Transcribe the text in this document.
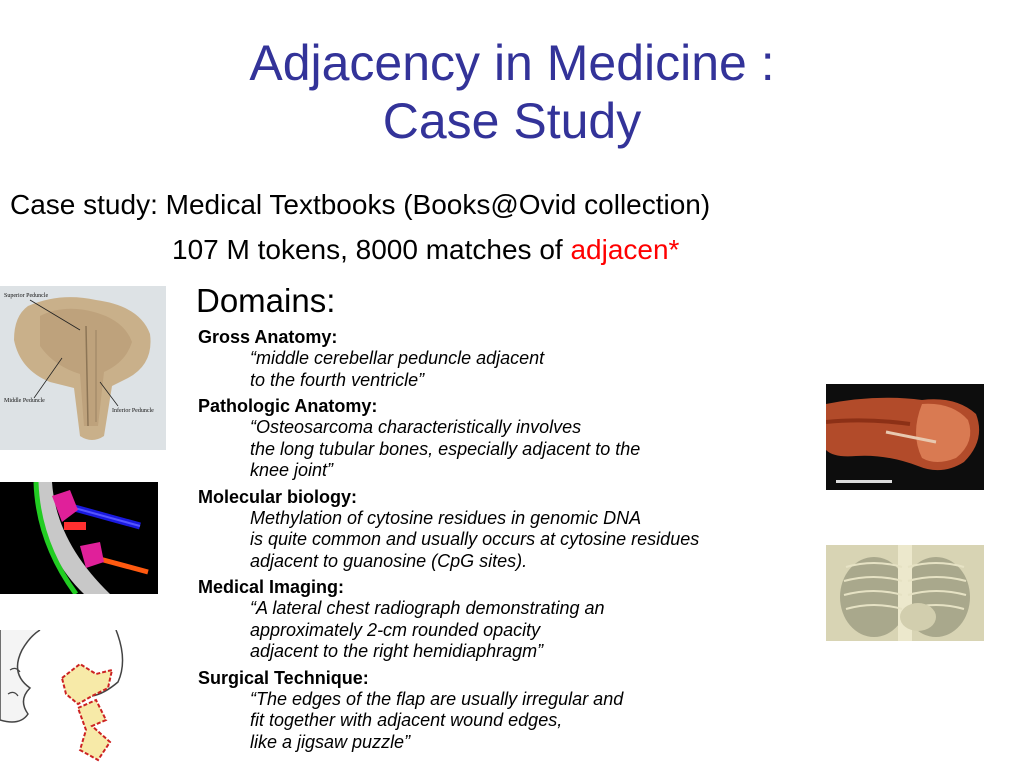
Adjacency in Medicine :
Case Study
Case study: Medical Textbooks (Books@Ovid collection)
107 M tokens, 8000 matches of adjacen*
Domains:
Gross Anatomy:
“middle cerebellar peduncle adjacent
to the fourth ventricle”
Pathologic Anatomy:
“Osteosarcoma characteristically involves
the long tubular bones, especially adjacent to the
knee joint”
Molecular biology:
Methylation of cytosine residues in genomic DNA
is quite common and usually occurs at cytosine residues
adjacent to guanosine (CpG sites).
Medical Imaging:
“A lateral chest radiograph demonstrating an
approximately 2-cm rounded opacity
adjacent to the right hemidiaphragm”
Surgical Technique:
“The edges of the flap are usually irregular and
fit together with adjacent wound edges,
like a jigsaw puzzle”
Superior Peduncle
Middle Peduncle
Inferior Peduncle
